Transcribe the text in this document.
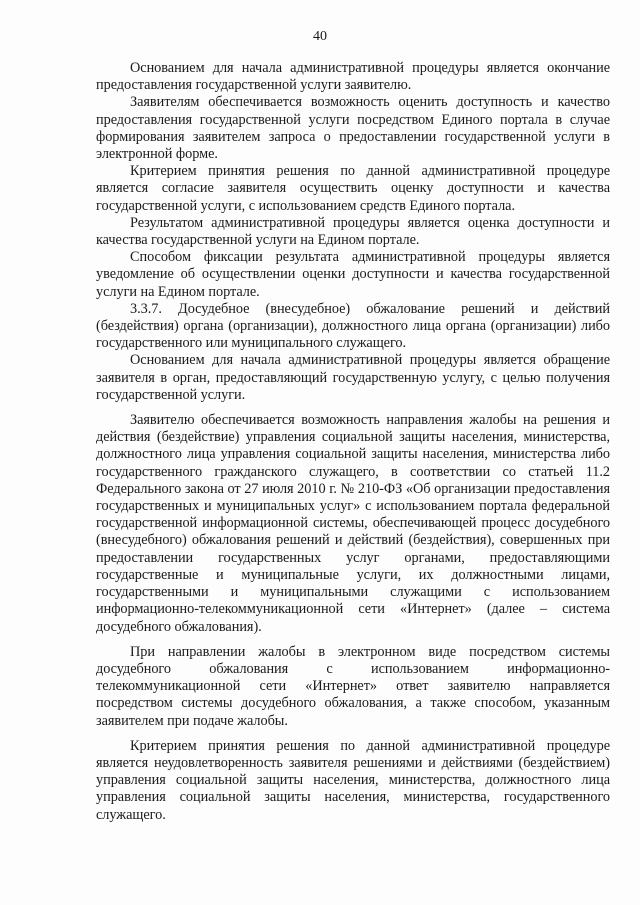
40

Основанием для начала административной процедуры является окончание предоставления государственной услуги заявителю.

Заявителям обеспечивается возможность оценить доступность и качество предоставления государственной услуги посредством Единого портала в случае формирования заявителем запроса о предоставлении государственной услуги в электронной форме.

Критерием принятия решения по данной административной процедуре является согласие заявителя осуществить оценку доступности и качества государственной услуги, с использованием средств Единого портала.

Результатом административной процедуры является оценка доступности и качества государственной услуги на Едином портале.

Способом фиксации результата административной процедуры является уведомление об осуществлении оценки доступности и качества государственной услуги на Едином портале.

3.3.7. Досудебное (внесудебное) обжалование решений и действий (бездействия) органа (организации), должностного лица органа (организации) либо государственного или муниципального служащего.

Основанием для начала административной процедуры является обращение заявителя в орган, предоставляющий государственную услугу, с целью получения государственной услуги.

Заявителю обеспечивается возможность направления жалобы на решения и действия (бездействие) управления социальной защиты населения, министерства, должностного лица управления социальной защиты населения, министерства либо государственного гражданского служащего, в соответствии со статьей 11.2 Федерального закона от 27 июля 2010 г. № 210-ФЗ «Об организации предоставления государственных и муниципальных услуг» с использованием портала федеральной государственной информационной системы, обеспечивающей процесс досудебного (внесудебного) обжалования решений и действий (бездействия), совершенных при предоставлении государственных услуг органами, предоставляющими государственные и муниципальные услуги, их должностными лицами, государственными и муниципальными служащими с использованием информационно-телекоммуникационной сети «Интернет» (далее – система досудебного обжалования).

При направлении жалобы в электронном виде посредством системы досудебного обжалования с использованием информационно-телекоммуникационной сети «Интернет» ответ заявителю направляется посредством системы досудебного обжалования, а также способом, указанным заявителем при подаче жалобы.

Критерием принятия решения по данной административной процедуре является неудовлетворенность заявителя решениями и действиями (бездействием) управления социальной защиты населения, министерства, должностного лица управления социальной защиты населения, министерства, государственного служащего.
